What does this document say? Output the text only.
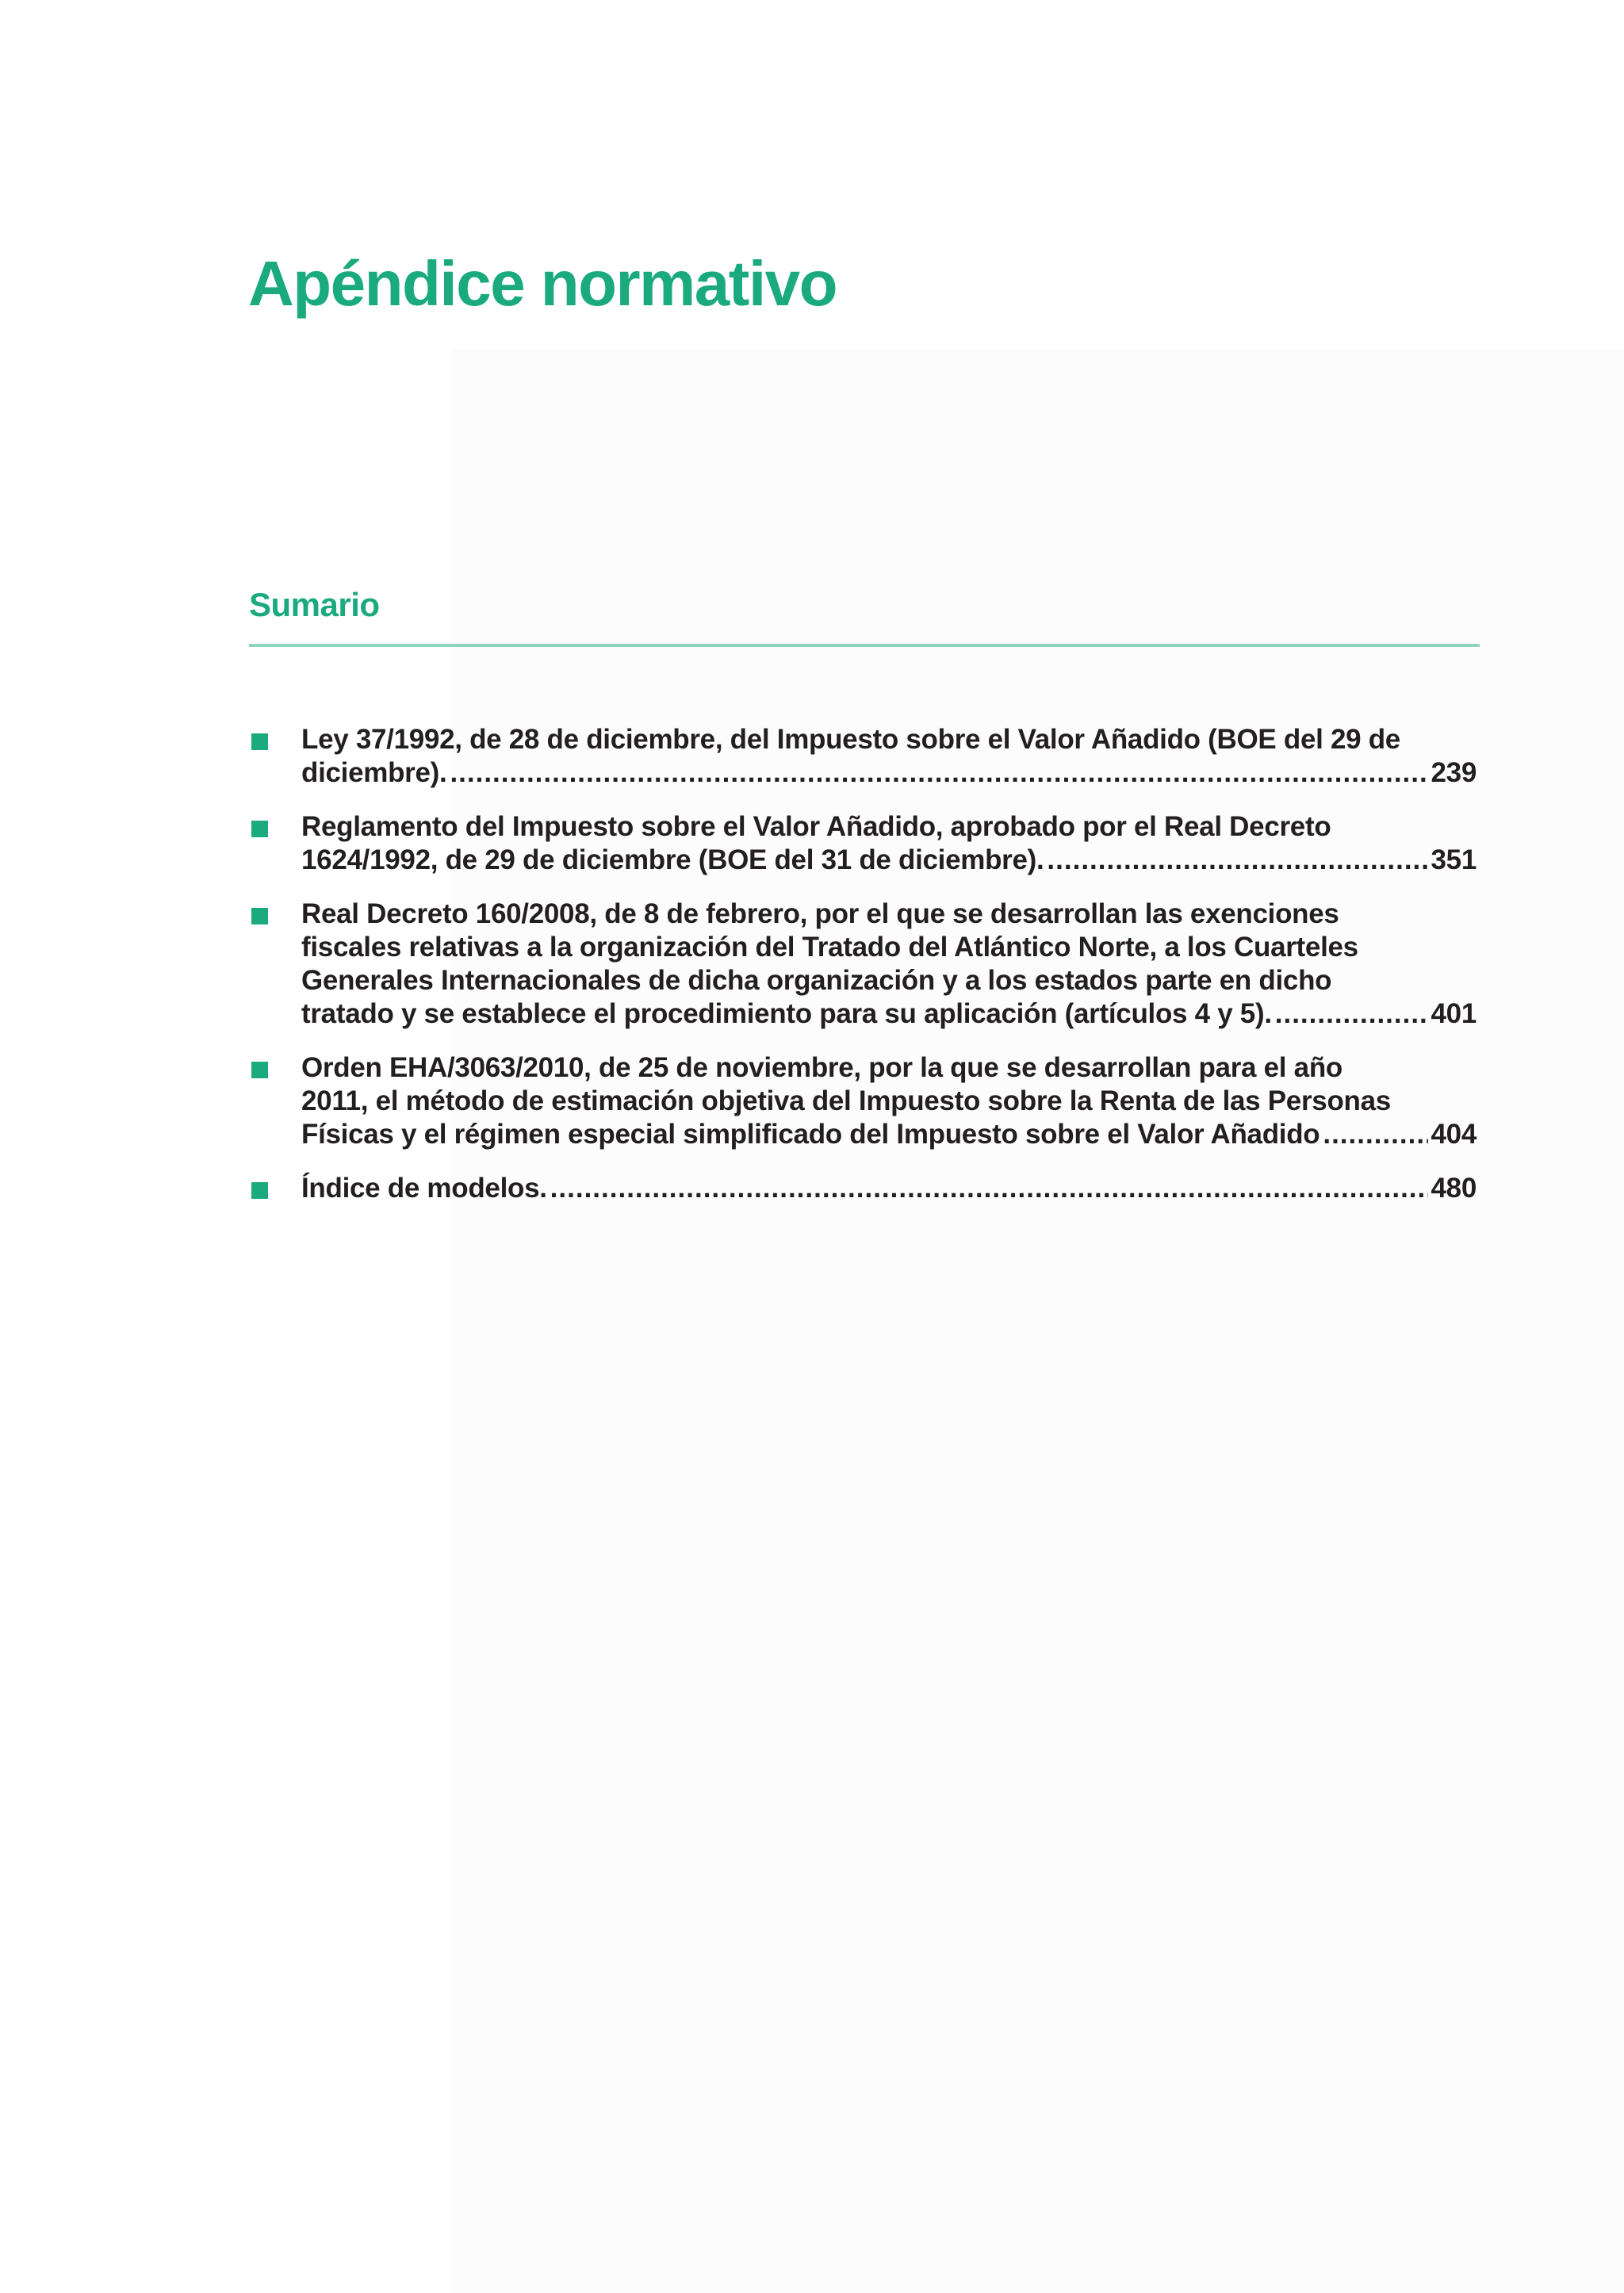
Apéndice normativo
Sumario
Ley 37/1992, de 28 de diciembre, del Impuesto sobre el Valor Añadido (BOE del 29 de
diciembre). .....	239
Reglamento del Impuesto sobre el Valor Añadido, aprobado por el Real Decreto
1624/1992, de 29 de diciembre (BOE del 31 de diciembre). .....	351
Real Decreto 160/2008, de 8 de febrero, por el que se desarrollan las exenciones
fiscales relativas a la organización del Tratado del Atlántico Norte, a los Cuarteles
Generales Internacionales de dicha organización y a los estados parte en dicho
tratado y se establece el procedimiento para su aplicación (artículos 4 y 5). .....	401
Orden EHA/3063/2010, de 25 de noviembre, por la que se desarrollan para el año
2011, el método de estimación objetiva del Impuesto sobre la Renta de las Personas
Físicas y el régimen especial simplificado del Impuesto sobre el Valor Añadido .....	404
Índice de modelos. .....	480
